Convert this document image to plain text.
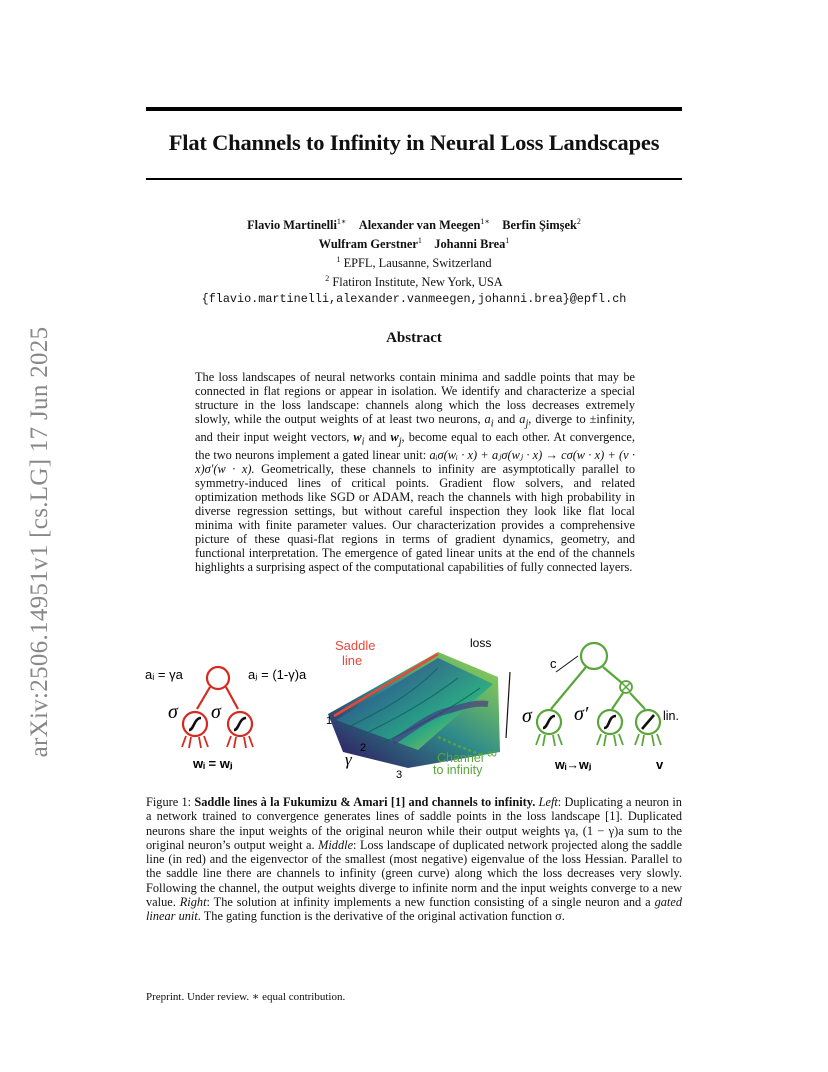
arXiv:2506.14951v1 [cs.LG] 17 Jun 2025
Flat Channels to Infinity in Neural Loss Landscapes
Flavio Martinelli$^{1∗}$ Alexander van Meegen$^{1∗}$ Berfin Şimşek$^2$
Wulfram Gerstner$^1$ Johanni Brea$^1$
$^1$ EPFL, Lausanne, Switzerland
$^2$ Flatiron Institute, New York, USA
{flavio.martinelli,alexander.vanmeegen,johanni.brea}@epfl.ch
Abstract
The loss landscapes of neural networks contain minima and saddle points that may be connected in flat regions or appear in isolation. We identify and characterize a special structure in the loss landscape: channels along which the loss decreases extremely slowly, while the output weights of at least two neurons, $a_i$ and $a_j$, diverge to ±infinity, and their input weight vectors, $w_i$ and $w_j$, become equal to each other. At convergence, the two neurons implement a gated linear unit: aᵢσ(wᵢ · x) + aⱼσ(wⱼ · x) → cσ(w · x) + (v · x)σ′(w · x). Geometrically, these channels to infinity are asymptotically parallel to symmetry-induced lines of critical points. Gradient flow solvers, and related optimization methods like SGD or ADAM, reach the channels with high probability in diverse regression settings, but without careful inspection they look like flat local minima with finite parameter values. Our characterization provides a comprehensive picture of these quasi-flat regions in terms of gradient dynamics, geometry, and functional interpretation. The emergence of gated linear units at the end of the channels highlights a surprising aspect of the computational capabilities of fully connected layers.
aᵢ = γa	aⱼ = (1-γ)a
σ σ
wᵢ = wⱼ
loss
Saddle
line
1
2
3
γ	Channel ∞
to infinity
c
σ σ′	lin.
wᵢ→wⱼ	v
Figure 1: Saddle lines à la Fukumizu & Amari [1] and channels to infinity. Left: Duplicating a neuron in a network trained to convergence generates lines of saddle points in the loss landscape [1]. Duplicated neurons share the input weights of the original neuron while their output weights γa, (1 − γ)a sum to the original neuron’s output weight a. Middle: Loss landscape of duplicated network projected along the saddle line (in red) and the eigenvector of the smallest (most negative) eigenvalue of the loss Hessian. Parallel to the saddle line there are channels to infinity (green curve) along which the loss decreases very slowly. Following the channel, the output weights diverge to infinite norm and the input weights converge to a new value. Right: The solution at infinity implements a new function consisting of a single neuron and a gated linear unit. The gating function is the derivative of the original activation function σ.
Preprint. Under review. ∗ equal contribution.
